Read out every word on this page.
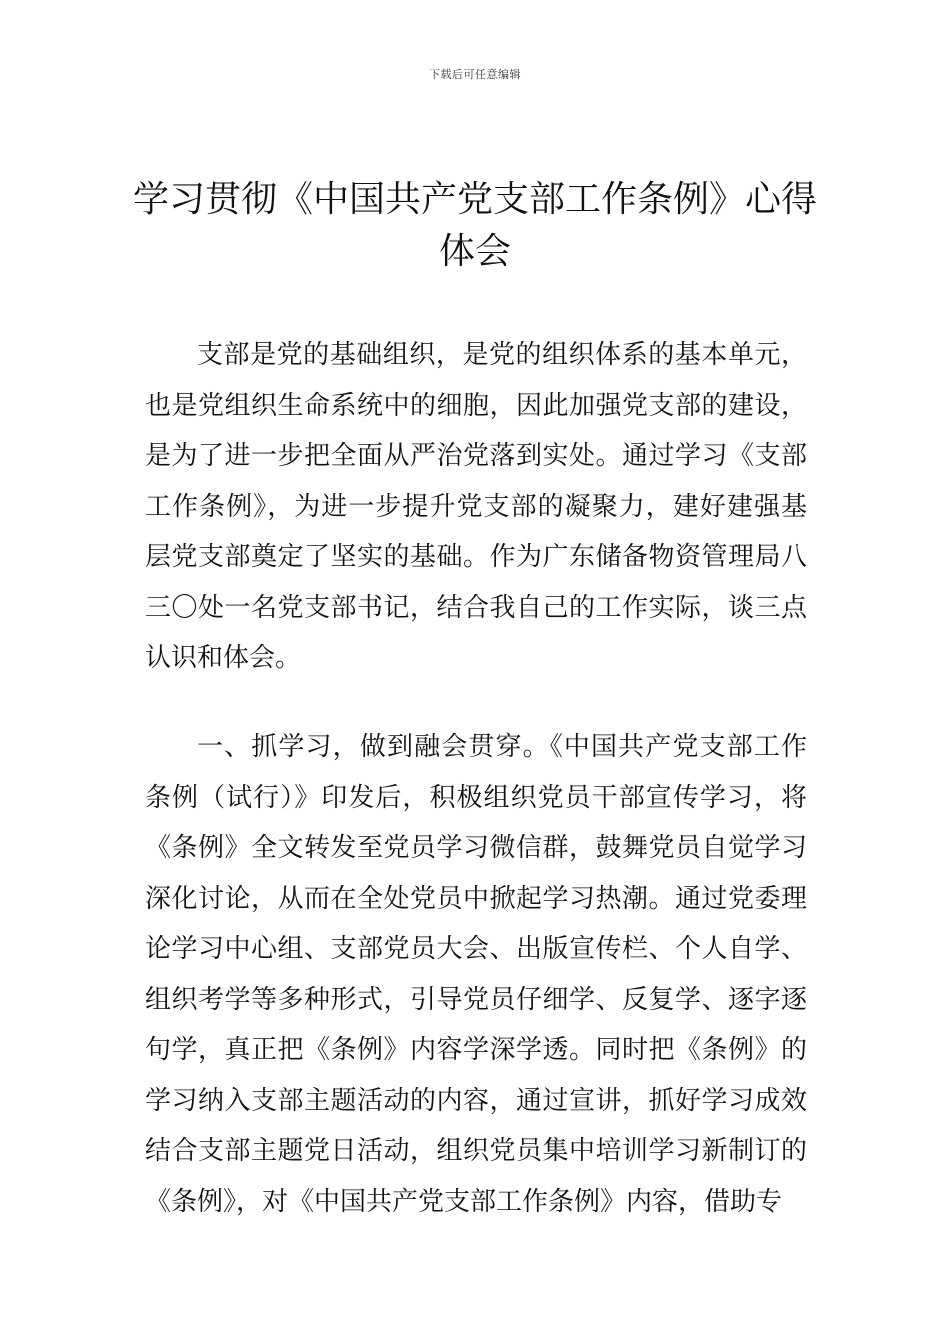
下载后可任意编辑
学习贯彻《中国共产党支部工作条例》心得体会

支部是党的基础组织，是党的组织体系的基本单元，也是党组织生命系统中的细胞，因此加强党支部的建设，是为了进一步把全面从严治党落到实处。通过学习《支部工作条例》，为进一步提升党支部的凝聚力，建好建强基层党支部奠定了坚实的基础。作为广东储备物资管理局八三〇处一名党支部书记，结合我自己的工作实际，谈三点认识和体会。

一、抓学习，做到融会贯穿。《中国共产党支部工作条例（试行）》印发后，积极组织党员干部宣传学习，将《条例》全文转发至党员学习微信群，鼓舞党员自觉学习深化讨论，从而在全处党员中掀起学习热潮。通过党委理论学习中心组、支部党员大会、出版宣传栏、个人自学、组织考学等多种形式，引导党员仔细学、反复学、逐字逐句学，真正把《条例》内容学深学透。同时把《条例》的学习纳入支部主题活动的内容，通过宣讲，抓好学习成效结合支部主题党日活动，组织党员集中培训学习新制订的《条例》，对《中国共产党支部工作条例》内容，借助专
